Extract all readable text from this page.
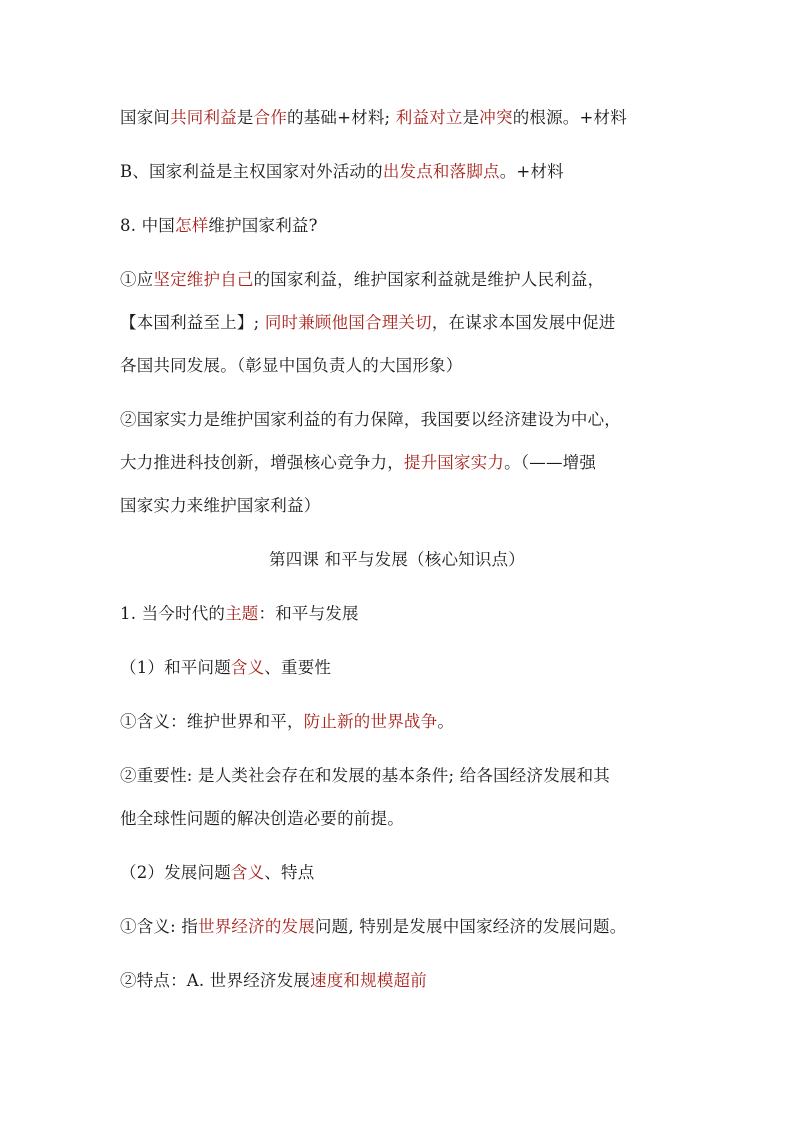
国家间共同利益是合作的基础+材料; 利益对立是冲突的根源。+材料
B、国家利益是主权国家对外活动的出发点和落脚点。+材料
8. 中国怎样维护国家利益?
①应坚定维护自己的国家利益，维护国家利益就是维护人民利益，
【本国利益至上】; 同时兼顾他国合理关切，在谋求本国发展中促进
各国共同发展。（彰显中国负责人的大国形象）
②国家实力是维护国家利益的有力保障，我国要以经济建设为中心，
大力推进科技创新，增强核心竞争力，提升国家实力。（——增强
国家实力来维护国家利益）
第四课 和平与发展（核心知识点）
1. 当今时代的主题：和平与发展
（1）和平问题含义、重要性
①含义：维护世界和平，防止新的世界战争。
②重要性: 是人类社会存在和发展的基本条件; 给各国经济发展和其
他全球性问题的解决创造必要的前提。
（2）发展问题含义、特点
①含义: 指世界经济的发展问题, 特别是发展中国家经济的发展问题。
②特点：A. 世界经济发展速度和规模超前
